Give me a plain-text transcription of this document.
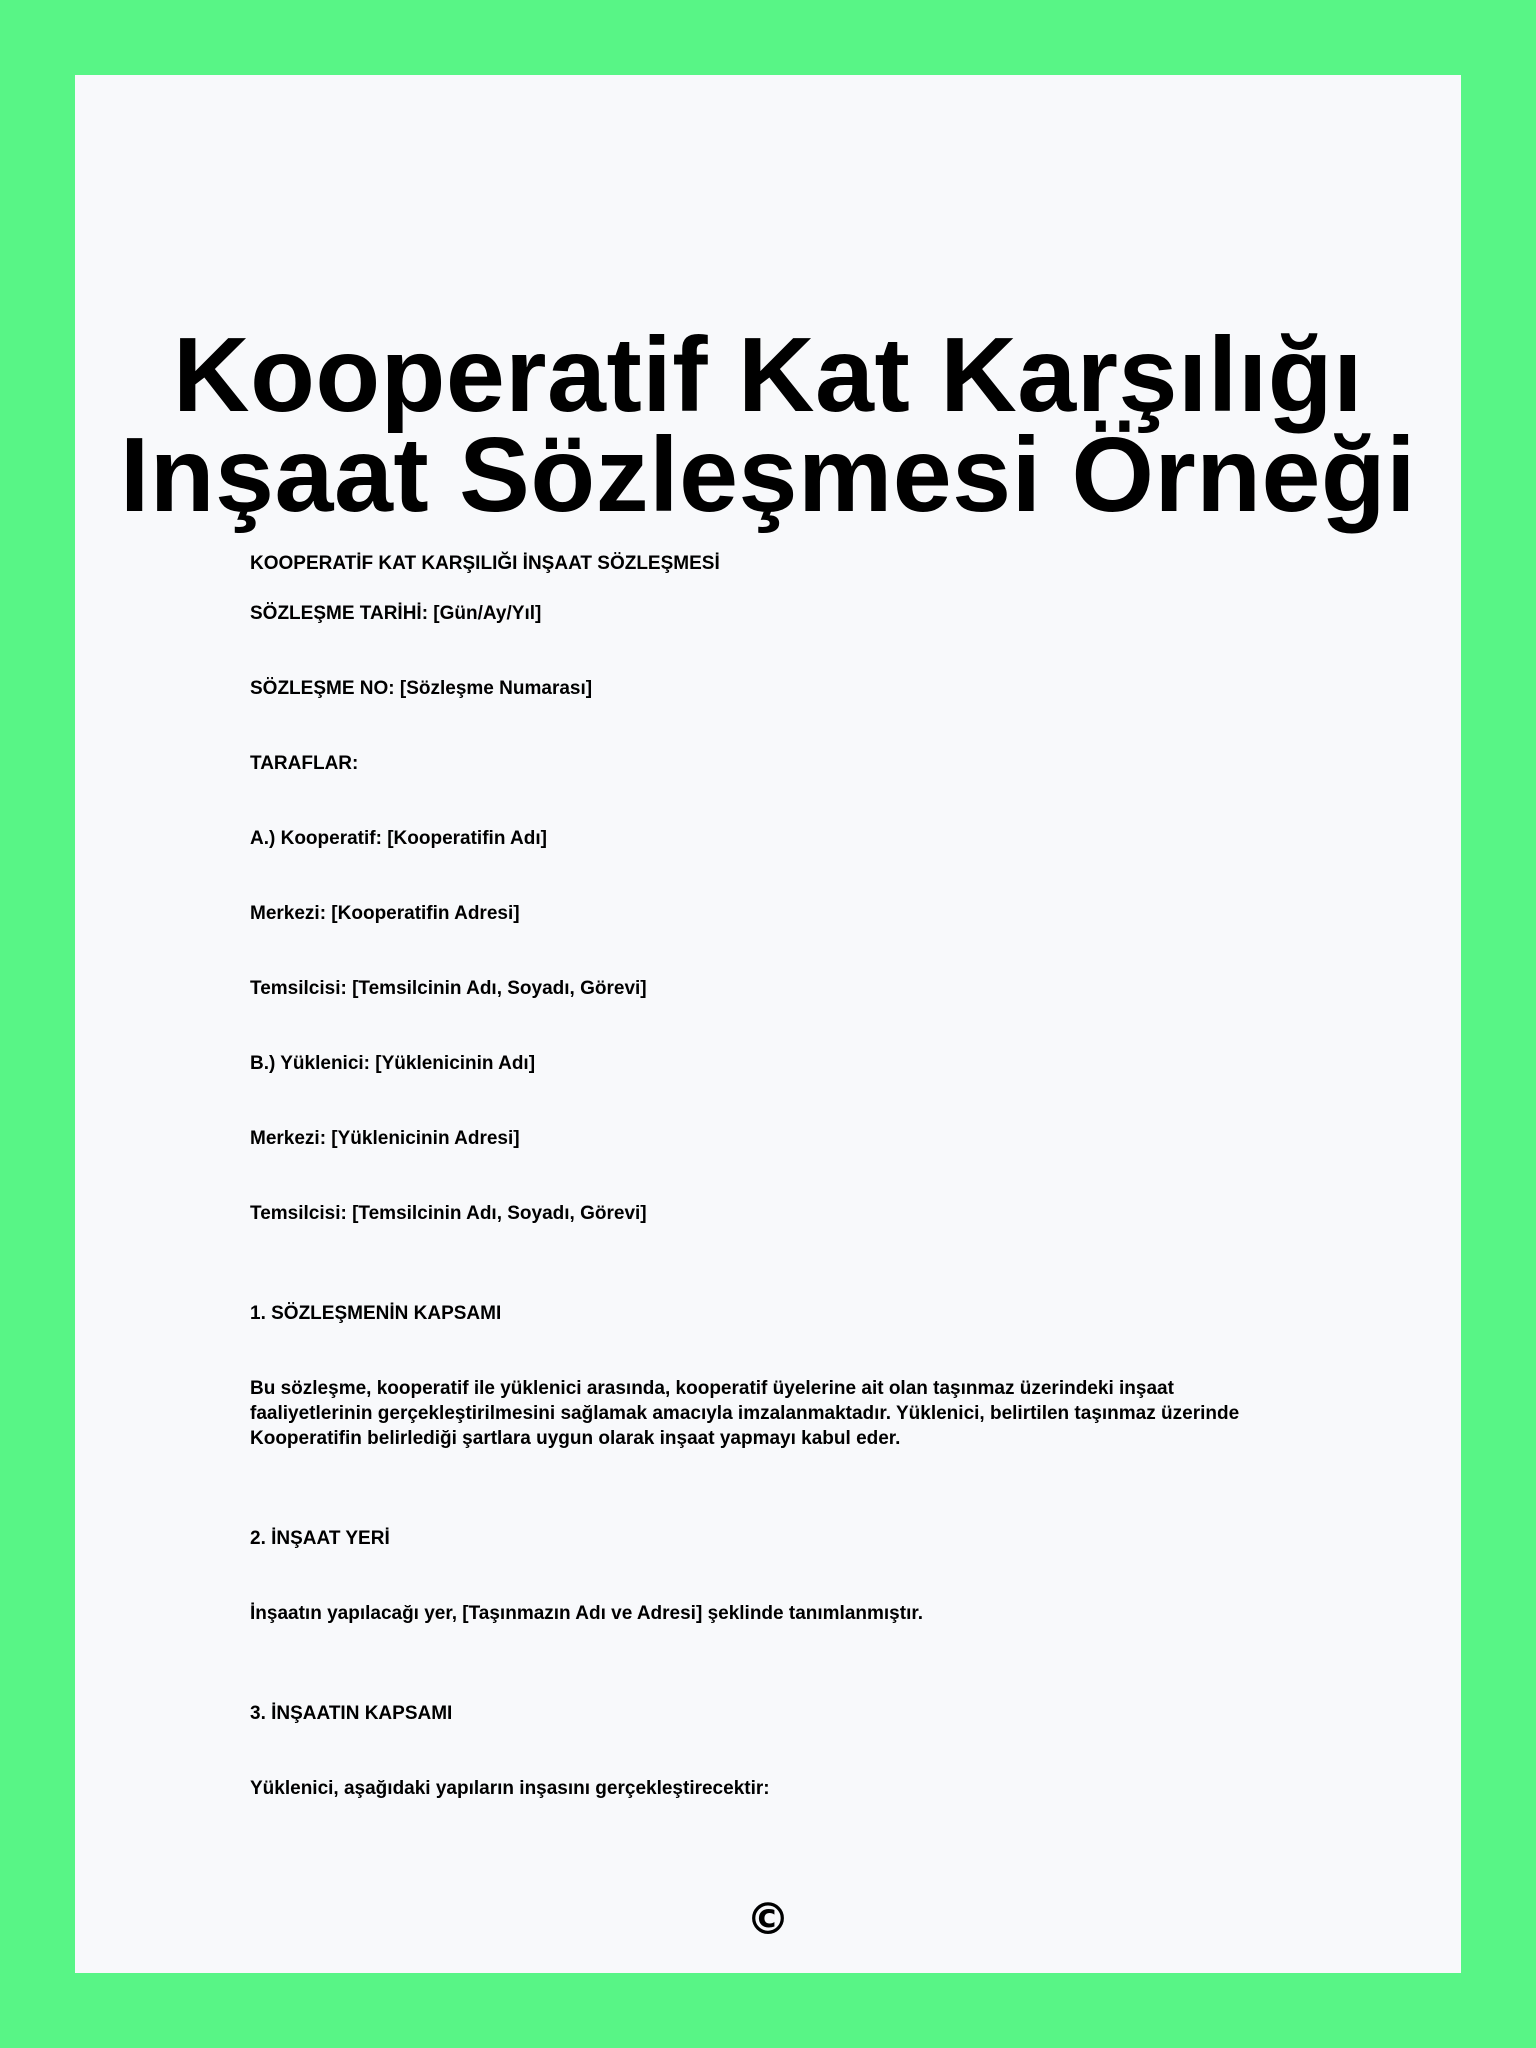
Kooperatif Kat Karşılığı
Inşaat Sözleşmesi Örneği

KOOPERATİF KAT KARŞILIĞI İNŞAAT SÖZLEŞMESİ

SÖZLEŞME TARİHİ: [Gün/Ay/Yıl]

SÖZLEŞME NO: [Sözleşme Numarası]

TARAFLAR:

A.) Kooperatif: [Kooperatifin Adı]

Merkezi: [Kooperatifin Adresi]

Temsilcisi: [Temsilcinin Adı, Soyadı, Görevi]

B.) Yüklenici: [Yüklenicinin Adı]

Merkezi: [Yüklenicinin Adresi]

Temsilcisi: [Temsilcinin Adı, Soyadı, Görevi]

1. SÖZLEŞMENİN KAPSAMI

Bu sözleşme, kooperatif ile yüklenici arasında, kooperatif üyelerine ait olan taşınmaz üzerindeki inşaat faaliyetlerinin gerçekleştirilmesini sağlamak amacıyla imzalanmaktadır. Yüklenici, belirtilen taşınmaz üzerinde Kooperatifin belirlediği şartlara uygun olarak inşaat yapmayı kabul eder.

2. İNŞAAT YERİ

İnşaatın yapılacağı yer, [Taşınmazın Adı ve Adresi] şeklinde tanımlanmıştır.

3. İNŞAATIN KAPSAMI

Yüklenici, aşağıdaki yapıların inşasını gerçekleştirecektir:

©
